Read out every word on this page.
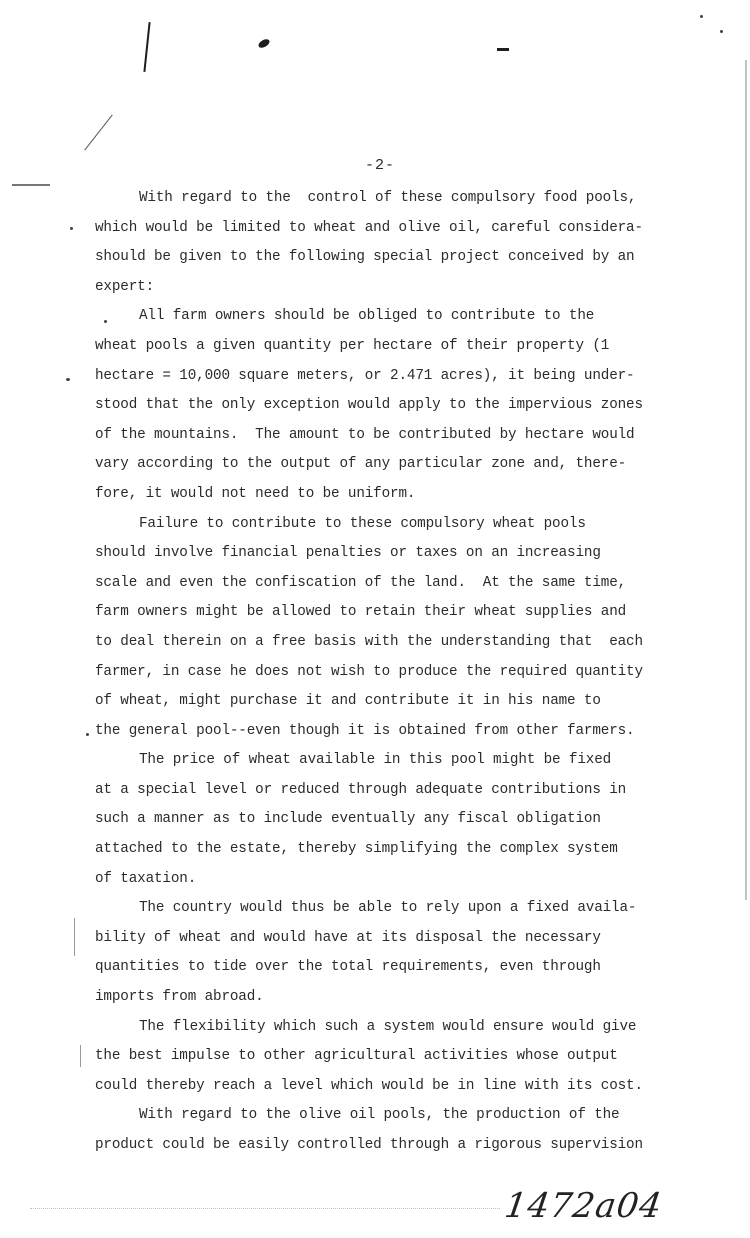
-2-
With regard to the  control of these compulsory food pools,
which would be limited to wheat and olive oil, careful considera-
should be given to the following special project conceived by an
expert:
All farm owners should be obliged to contribute to the
wheat pools a given quantity per hectare of their property (1
hectare = 10,000 square meters, or 2.471 acres), it being under-
stood that the only exception would apply to the impervious zones
of the mountains.  The amount to be contributed by hectare would
vary according to the output of any particular zone and, there-
fore, it would not need to be uniform.
Failure to contribute to these compulsory wheat pools
should involve financial penalties or taxes on an increasing
scale and even the confiscation of the land.  At the same time,
farm owners might be allowed to retain their wheat supplies and
to deal therein on a free basis with the understanding that  each
farmer, in case he does not wish to produce the required quantity
of wheat, might purchase it and contribute it in his name to
the general pool--even though it is obtained from other farmers.
The price of wheat available in this pool might be fixed
at a special level or reduced through adequate contributions in
such a manner as to include eventually any fiscal obligation
attached to the estate, thereby simplifying the complex system
of taxation.
The country would thus be able to rely upon a fixed availa-
bility of wheat and would have at its disposal the necessary
quantities to tide over the total requirements, even through
imports from abroad.
The flexibility which such a system would ensure would give
the best impulse to other agricultural activities whose output
could thereby reach a level which would be in line with its cost.
With regard to the olive oil pools, the production of the
product could be easily controlled through a rigorous supervision
1472a04
